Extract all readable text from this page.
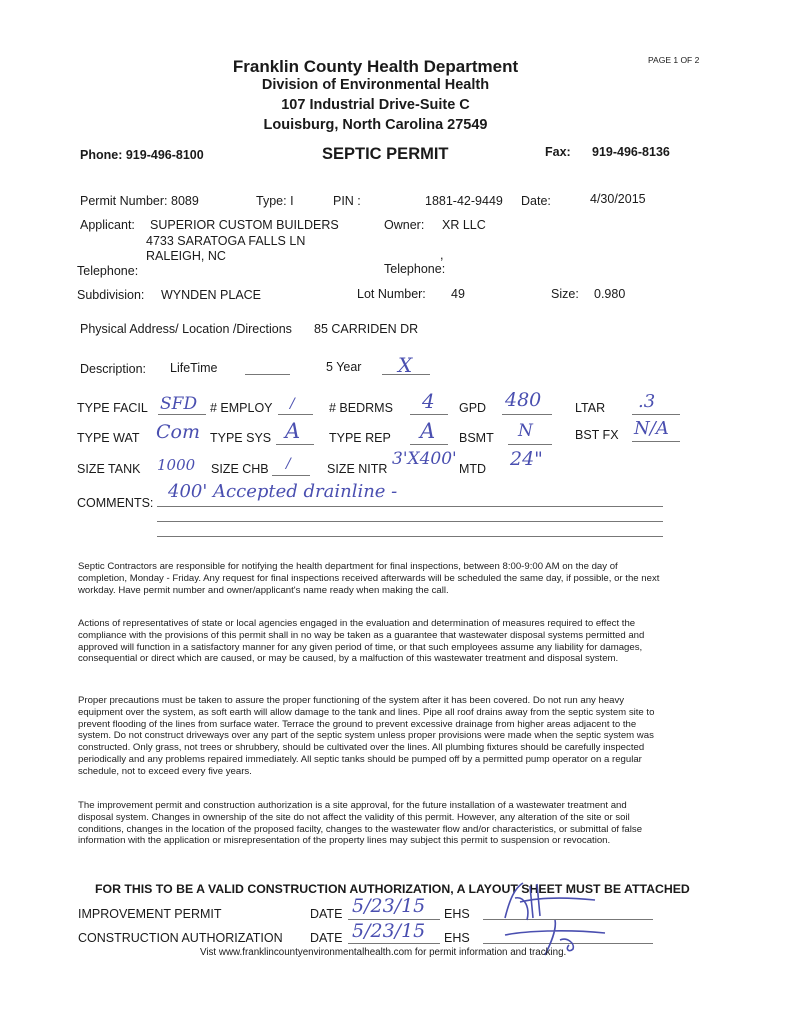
PAGE 1 OF 2
Franklin County Health Department
Division of Environmental Health
107 Industrial Drive-Suite C
Louisburg, North Carolina 27549
Phone: 919-496-8100	SEPTIC PERMIT	Fax: 919-496-8136
Permit Number: 8089	Type: I	PIN :	1881-42-9449 Date:	4/30/2015
Applicant: SUPERIOR CUSTOM BUILDERS
4733 SARATOGA FALLS LN
RALEIGH, NC
Telephone:
Owner: XR LLC
,
Telephone:
Subdivision: WYNDEN PLACE	Lot Number: 49	Size: 0.980
Physical Address/ Location /Directions 85 CARRIDEN DR
Description: LifeTime	5 Year X
TYPE FACIL SFD # EMPLOY /	# BEDRMS 4 GPD 480	LTAR .3
TYPE WAT Com TYPE SYS A TYPE REP A BSMT N	BST FX N/A
SIZE TANK 1000 SIZE CHB /	SIZE NITR 3'X400' MTD 24"
COMMENTS:
400' Accepted drainline -
Septic Contractors are responsible for notifying the health department for final inspections, between 8:00-9:00 AM on the day of completion, Monday - Friday. Any request for final inspections received afterwards will be scheduled the same day, if possible, or the next workday. Have permit number and owner/applicant's name ready when making the call.
Actions of representatives of state or local agencies engaged in the evaluation and determination of measures required to effect the compliance with the provisions of this permit shall in no way be taken as a guarantee that wastewater disposal systems permitted and approved will function in a satisfactory manner for any given period of time, or that such employees assume any liability for damages, consequential or direct which are caused, or may be caused, by a malfuction of this wastewater treatment and disposal system.
Proper precautions must be taken to assure the proper functioning of the system after it has been covered. Do not run any heavy equipment over the system, as soft earth will allow damage to the tank and lines. Pipe all roof drains away from the septic system site to prevent flooding of the lines from surface water. Terrace the ground to prevent excessive drainage from higher areas adjacent to the system. Do not construct driveways over any part of the septic system unless proper provisions were made when the septic system was constructed. Only grass, not trees or shrubbery, should be cultivated over the lines. All plumbing fixtures should be carefully inspected periodically and any problems repaired immediately. All septic tanks should be pumped off by a permitted pump operator on a regular schedule, not to exceed every five years.
The improvement permit and construction authorization is a site approval, for the future installation of a wastewater treatment and disposal system. Changes in ownership of the site do not affect the validity of this permit. However, any alteration of the site or soil conditions, changes in the location of the proposed facilty, changes to the wastewater flow and/or characteristics, or submittal of false information with the application or misrepresentation of the property lines may subject this permit to suspension or revocation.
FOR THIS TO BE A VALID CONSTRUCTION AUTHORIZATION, A LAYOUT SHEET MUST BE ATTACHED
IMPROVEMENT PERMIT	DATE 5/23/15 EHS
CONSTRUCTION AUTHORIZATION DATE 5/23/15 EHS
Vist www.franklincountyenvironmentalhealth.com for permit information and tracking.
